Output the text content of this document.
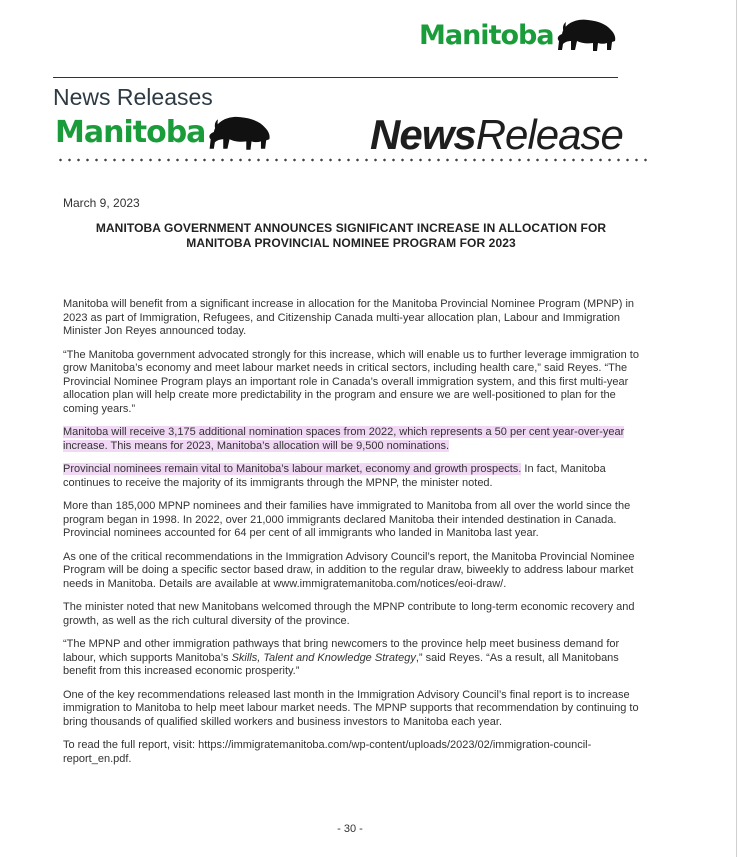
Manitoba
News Releases
Manitoba	NewsRelease
March 9, 2023
MANITOBA GOVERNMENT ANNOUNCES SIGNIFICANT INCREASE IN ALLOCATION FOR MANITOBA PROVINCIAL NOMINEE PROGRAM FOR 2023

Manitoba will benefit from a significant increase in allocation for the Manitoba Provincial Nominee Program (MPNP) in 2023 as part of Immigration, Refugees, and Citizenship Canada multi-year allocation plan, Labour and Immigration Minister Jon Reyes announced today.

“The Manitoba government advocated strongly for this increase, which will enable us to further leverage immigration to grow Manitoba’s economy and meet labour market needs in critical sectors, including health care,” said Reyes. “The Provincial Nominee Program plays an important role in Canada’s overall immigration system, and this first multi-year allocation plan will help create more predictability in the program and ensure we are well-positioned to plan for the coming years.”

Manitoba will receive 3,175 additional nomination spaces from 2022, which represents a 50 per cent year-over-year increase. This means for 2023, Manitoba’s allocation will be 9,500 nominations.

Provincial nominees remain vital to Manitoba’s labour market, economy and growth prospects. In fact, Manitoba continues to receive the majority of its immigrants through the MPNP, the minister noted.

More than 185,000 MPNP nominees and their families have immigrated to Manitoba from all over the world since the program began in 1998. In 2022, over 21,000 immigrants declared Manitoba their intended destination in Canada. Provincial nominees accounted for 64 per cent of all immigrants who landed in Manitoba last year.

As one of the critical recommendations in the Immigration Advisory Council’s report, the Manitoba Provincial Nominee Program will be doing a specific sector based draw, in addition to the regular draw, biweekly to address labour market needs in Manitoba. Details are available at www.immigratemanitoba.com/notices/eoi-draw/.

The minister noted that new Manitobans welcomed through the MPNP contribute to long-term economic recovery and growth, as well as the rich cultural diversity of the province.

“The MPNP and other immigration pathways that bring newcomers to the province help meet business demand for labour, which supports Manitoba’s Skills, Talent and Knowledge Strategy,” said Reyes. “As a result, all Manitobans benefit from this increased economic prosperity.”

One of the key recommendations released last month in the Immigration Advisory Council’s final report is to increase immigration to Manitoba to help meet labour market needs. The MPNP supports that recommendation by continuing to bring thousands of qualified skilled workers and business investors to Manitoba each year.

To read the full report, visit: https://immigratemanitoba.com/wp-content/uploads/2023/02/immigration-council-report_en.pdf.

- 30 -
